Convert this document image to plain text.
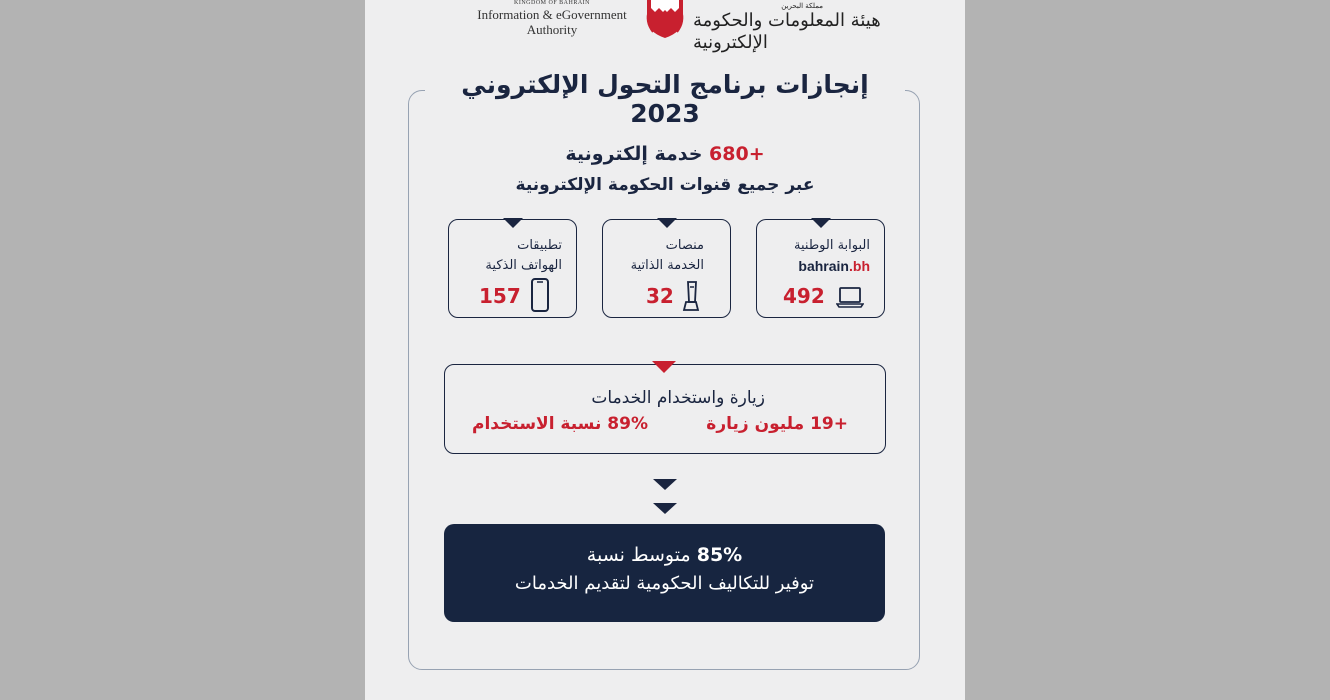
KINGDOM OF BAHRAIN
Information & eGovernment
Authority
مملكة البحرين
هيئة المعلومات والحكومة الإلكترونية
إنجازات برنامج التحول الإلكتروني 2023
+680 خدمة إلكترونية
عبر جميع قنوات الحكومة الإلكترونية
البوابة الوطنية
bahrain.bh
492
منصات
الخدمة الذاتية
32
تطبيقات
الهواتف الذكية
157
زيارة واستخدام الخدمات
+19 مليون زيارة
89% نسبة الاستخدام
85% متوسط نسبة
توفير للتكاليف الحكومية لتقديم الخدمات
